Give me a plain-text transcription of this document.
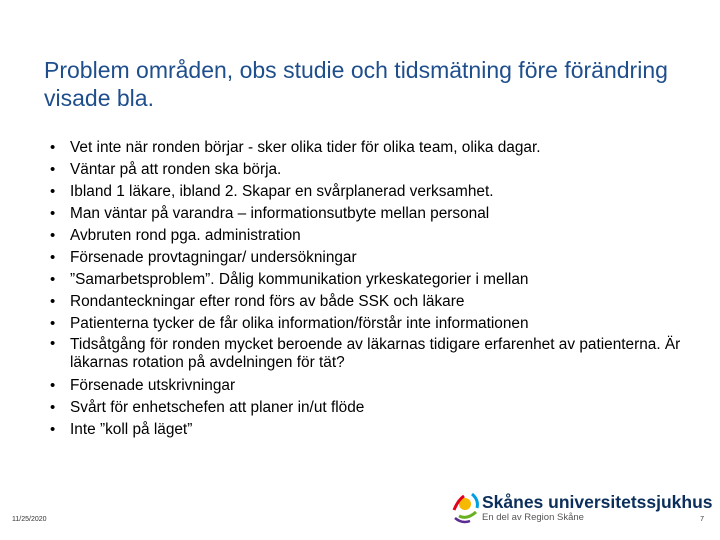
Problem områden, obs studie och tidsmätning före förändring visade bla.
• Vet inte när ronden börjar - sker olika tider för olika team, olika dagar.
• Väntar på att ronden ska börja.
• Ibland 1 läkare, ibland 2. Skapar en svårplanerad verksamhet.
• Man väntar på varandra – informationsutbyte mellan personal
• Avbruten rond pga. administration
• Försenade provtagningar/ undersökningar
• ”Samarbetsproblem”. Dålig kommunikation yrkeskategorier i mellan
• Rondanteckningar efter rond förs av både SSK och läkare
• Patienterna tycker de får olika information/förstår inte informationen
• Tidsåtgång för ronden mycket beroende av läkarnas tidigare erfarenhet av patienterna. Är läkarnas rotation på avdelningen för tät?
• Försenade utskrivningar
• Svårt för enhetschefen att planer in/ut flöde
• Inte ”koll på läget”
11/25/2020
Skånes universitetssjukhus
En del av Region Skåne	7
